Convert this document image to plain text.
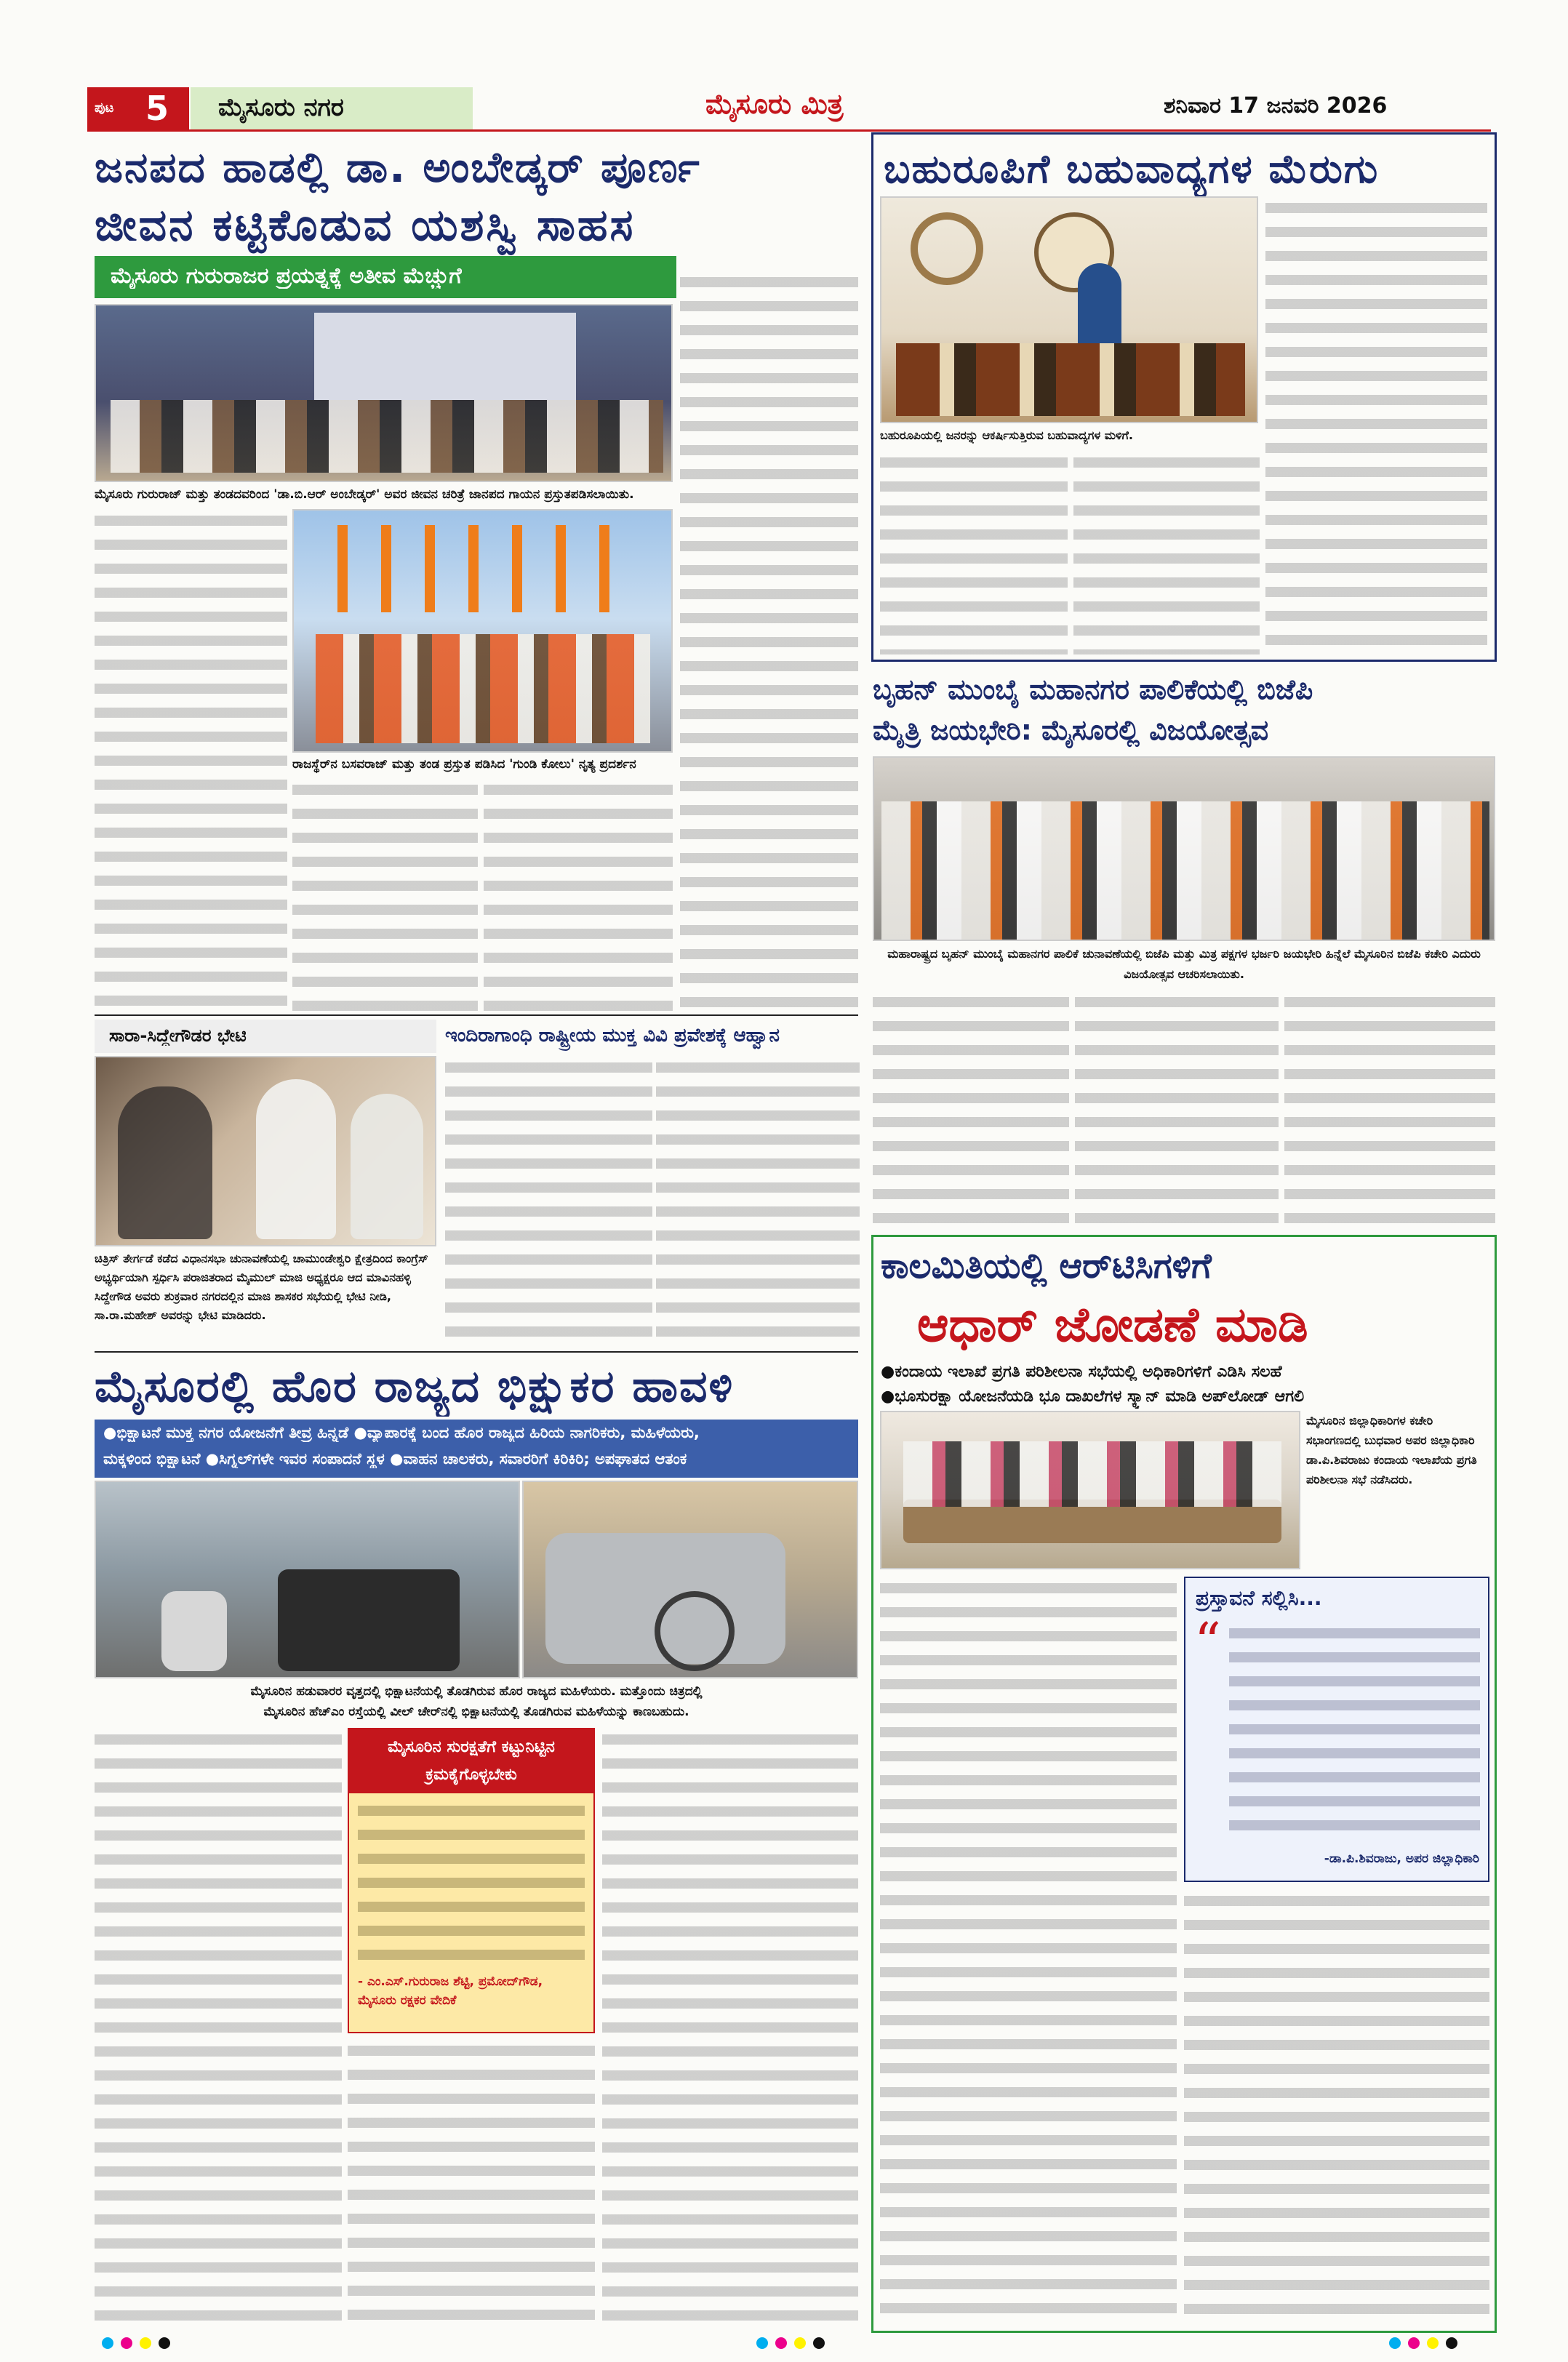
ಪುಟ 5 ಮೈಸೂರು ನಗರ	ಮೈಸೂರು ಮಿತ್ರ	ಶನಿವಾರ 17 ಜನವರಿ 2026
ಜನಪದ ಹಾಡಲ್ಲಿ ಡಾ. ಅಂಬೇಡ್ಕರ್ ಪೂರ್ಣ
ಜೀವನ ಕಟ್ಟಿಕೊಡುವ ಯಶಸ್ವಿ ಸಾಹಸ
ಮೈಸೂರು ಗುರುರಾಜರ ಪ್ರಯತ್ನಕ್ಕೆ ಅತೀವ ಮೆಚ್ಚುಗೆ
ಮೈಸೂರು ಗುರುರಾಜ್ ಮತ್ತು ತಂಡದವರಿಂದ 'ಡಾ.ಬಿ.ಆರ್ ಅಂಬೇಡ್ಕರ್' ಅವರ ಜೀವನ ಚರಿತ್ರೆ ಜಾನಪದ ಗಾಯನ ಪ್ರಸ್ತುತಪಡಿಸಲಾಯಿತು.
ರಾಜಸ್ಥೆರ್‌ನ ಬಸವರಾಜ್ ಮತ್ತು ತಂಡ ಪ್ರಸ್ತುತ ಪಡಿಸಿದ 'ಗುಂಡಿ ಕೋಲು' ನೃತ್ಯ ಪ್ರದರ್ಶನ
ಸಾರಾ-ಸಿದ್ದೇಗೌಡರ ಭೇಟಿ
ಚಿತ್ರಿಸ್ ತೇರ್ಗಡೆ ಕಡೆದ ವಿಧಾನಸಭಾ ಚುನಾವಣೆಯಲ್ಲಿ ಚಾಮುಂಡೇಶ್ವರಿ ಕ್ಷೇತ್ರದಿಂದ ಕಾಂಗ್ರೆಸ್ ಅಭ್ಯರ್ಥಿಯಾಗಿ ಸ್ಪರ್ಧಿಸಿ ಪರಾಜಿತರಾದ ಮೈಮುಲ್ ಮಾಜಿ ಅಧ್ಯಕ್ಷರೂ ಆದ ಮಾವಿನಹಳ್ಳಿ ಸಿದ್ದೇಗೌಡ ಅವರು ಶುಕ್ರವಾರ ನಗರದಲ್ಲಿನ ಮಾಜಿ ಶಾಸಕರ ಸಭೆಯಲ್ಲಿ ಭೇಟಿ ನೀಡಿ, ಸಾ.ರಾ.ಮಹೇಶ್ ಅವರನ್ನು ಭೇಟಿ ಮಾಡಿದರು.
ಇಂದಿರಾಗಾಂಧಿ ರಾಷ್ಟ್ರೀಯ ಮುಕ್ತ ವಿವಿ ಪ್ರವೇಶಕ್ಕೆ ಆಹ್ವಾನ
ಮೈಸೂರಲ್ಲಿ ಹೊರ ರಾಜ್ಯದ ಭಿಕ್ಷುಕರ ಹಾವಳಿ
●ಭಿಕ್ಷಾಟನೆ ಮುಕ್ತ ನಗರ ಯೋಜನೆಗೆ ತೀವ್ರ ಹಿನ್ನಡೆ ●ವ್ಯಾಪಾರಕ್ಕೆ ಬಂದ ಹೊರ ರಾಜ್ಯದ ಹಿರಿಯ ನಾಗರಿಕರು, ಮಹಿಳೆಯರು,
ಮಕ್ಕಳಿಂದ ಭಿಕ್ಷಾಟನೆ ●ಸಿಗ್ನಲ್‌ಗಳೇ ಇವರ ಸಂಪಾದನೆ ಸ್ಥಳ ●ವಾಹನ ಚಾಲಕರು, ಸವಾರರಿಗೆ ಕಿರಿಕಿರಿ; ಅಪಘಾತದ ಆತಂಕ
ಮೈಸೂರಿನ ಹಡುವಾರರ ವೃತ್ತದಲ್ಲಿ ಭಿಕ್ಷಾಟನೆಯಲ್ಲಿ ತೊಡಗಿರುವ ಹೊರ ರಾಜ್ಯದ ಮಹಿಳೆಯರು. ಮತ್ತೊಂದು ಚಿತ್ರದಲ್ಲಿ
ಮೈಸೂರಿನ ಹೆಚ್‌ಎಂ ರಸ್ತೆಯಲ್ಲಿ ವೀಲ್ ಚೇರ್‌ನಲ್ಲಿ ಭಿಕ್ಷಾಟನೆಯಲ್ಲಿ ತೊಡಗಿರುವ ಮಹಿಳೆಯನ್ನು ಕಾಣಬಹುದು.
ಮೈಸೂರಿನ ಸುರಕ್ಷತೆಗೆ ಕಟ್ಟುನಿಟ್ಟಿನ ಕ್ರಮಕೈಗೊಳ್ಳಬೇಕು
- ಎಂ.ಎಸ್.ಗುರುರಾಜ ಶೆಟ್ಟಿ, ಪ್ರಮೋದ್‌ಗೌಡ, ಮೈಸೂರು ರಕ್ಷಕರ ವೇದಿಕೆ
ಬಹುರೂಪಿಗೆ ಬಹುವಾದ್ಯಗಳ ಮೆರುಗು
ಬಹುರೂಪಿಯಲ್ಲಿ ಜನರನ್ನು ಆಕರ್ಷಿಸುತ್ತಿರುವ ಬಹುವಾದ್ಯಗಳ ಮಳಿಗೆ.
ಬೃಹನ್ ಮುಂಬೈ ಮಹಾನಗರ ಪಾಲಿಕೆಯಲ್ಲಿ ಬಿಜೆಪಿ
ಮೈತ್ರಿ ಜಯಭೇರಿ: ಮೈಸೂರಲ್ಲಿ ವಿಜಯೋತ್ಸವ
ಮಹಾರಾಷ್ಟ್ರದ ಬೃಹನ್ ಮುಂಬೈ ಮಹಾನಗರ ಪಾಲಿಕೆ ಚುನಾವಣೆಯಲ್ಲಿ ಬಿಜೆಪಿ ಮತ್ತು ಮಿತ್ರ ಪಕ್ಷಗಳ ಭರ್ಜರಿ ಜಯಭೇರಿ ಹಿನ್ನೆಲೆ ಮೈಸೂರಿನ ಬಿಜೆಪಿ ಕಚೇರಿ ಎದುರು ವಿಜಯೋತ್ಸವ ಆಚರಿಸಲಾಯಿತು.
ಕಾಲಮಿತಿಯಲ್ಲಿ ಆರ್‌ಟಿಸಿಗಳಿಗೆ
ಆಧಾರ್ ಜೋಡಣೆ ಮಾಡಿ
●ಕಂದಾಯ ಇಲಾಖೆ ಪ್ರಗತಿ ಪರಿಶೀಲನಾ ಸಭೆಯಲ್ಲಿ ಅಧಿಕಾರಿಗಳಿಗೆ ಎಡಿಸಿ ಸಲಹೆ
●ಭೂಸುರಕ್ಷಾ ಯೋಜನೆಯಡಿ ಭೂ ದಾಖಲೆಗಳ ಸ್ಕ್ಯಾನ್ ಮಾಡಿ ಅಪ್‌ಲೋಡ್ ಆಗಲಿ
ಮೈಸೂರಿನ ಜಿಲ್ಲಾಧಿಕಾರಿಗಳ ಕಚೇರಿ ಸಭಾಂಗಣದಲ್ಲಿ ಬುಧವಾರ ಅಪರ ಜಿಲ್ಲಾಧಿಕಾರಿ ಡಾ.ಪಿ.ಶಿವರಾಜು ಕಂದಾಯ ಇಲಾಖೆಯ ಪ್ರಗತಿ ಪರಿಶೀಲನಾ ಸಭೆ ನಡೆಸಿದರು.
ಪ್ರಸ್ತಾವನೆ ಸಲ್ಲಿಸಿ...
“
-ಡಾ.ಪಿ.ಶಿವರಾಜು, ಅಪರ ಜಿಲ್ಲಾಧಿಕಾರಿ
